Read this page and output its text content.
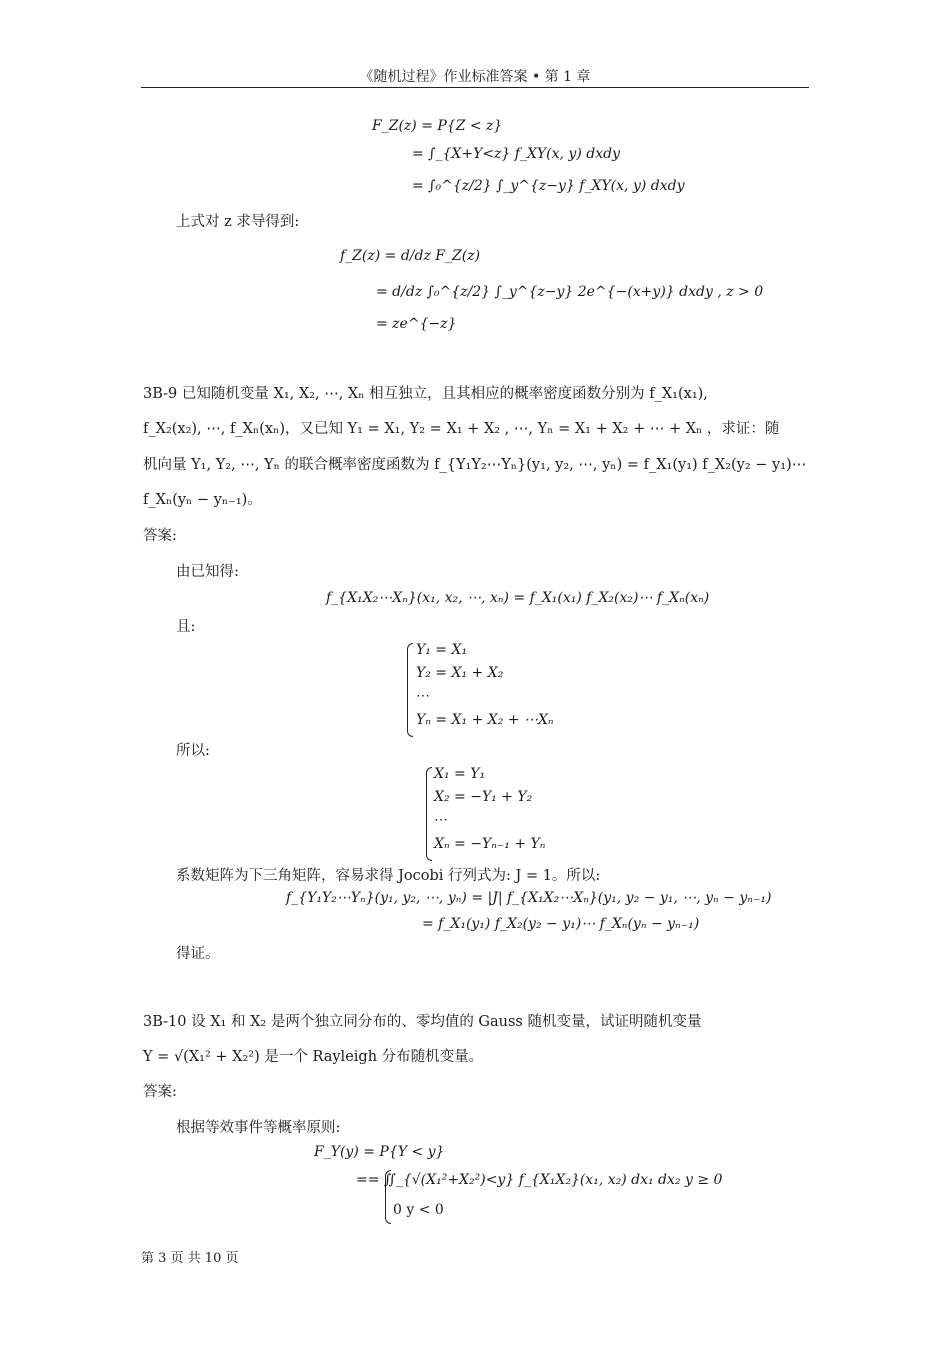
《随机过程》作业标准答案 • 第 1 章
F_Z(z) = P{Z < z}
= ∫_{X+Y<z} f_XY(x, y) dxdy
= ∫₀^{z/2} ∫_y^{z−y} f_XY(x, y) dxdy
上式对 z 求导得到:
f_Z(z) = d/dz F_Z(z)
= d/dz ∫₀^{z/2} ∫_y^{z−y} 2e^{−(x+y)} dxdy , z > 0
= ze^{−z}
3B-9 已知随机变量 X₁, X₂, ⋯, Xₙ 相互独立，且其相应的概率密度函数分别为 f_X₁(x₁),
f_X₂(x₂), ⋯, f_Xₙ(xₙ)，又已知 Y₁ = X₁, Y₂ = X₁ + X₂ , ⋯, Yₙ = X₁ + X₂ + ⋯ + Xₙ ，求证：随
机向量 Y₁, Y₂, ⋯, Yₙ 的联合概率密度函数为 f_{Y₁Y₂⋯Yₙ}(y₁, y₂, ⋯, yₙ) = f_X₁(y₁) f_X₂(y₂ − y₁)⋯
f_Xₙ(yₙ − yₙ₋₁)。
答案:
由已知得:
f_{X₁X₂⋯Xₙ}(x₁, x₂, ⋯, xₙ) = f_X₁(x₁) f_X₂(x₂)⋯ f_Xₙ(xₙ)
且:
Y₁ = X₁
Y₂ = X₁ + X₂
⋯
Yₙ = X₁ + X₂ + ⋯Xₙ
所以:
X₁ = Y₁
X₂ = −Y₁ + Y₂
⋯
Xₙ = −Yₙ₋₁ + Yₙ
系数矩阵为下三角矩阵，容易求得 Jocobi 行列式为: J = 1。所以:
f_{Y₁Y₂⋯Yₙ}(y₁, y₂, ⋯, yₙ) = |J| f_{X₁X₂⋯Xₙ}(y₁, y₂ − y₁, ⋯, yₙ − yₙ₋₁)
= f_X₁(y₁) f_X₂(y₂ − y₁)⋯ f_Xₙ(yₙ − yₙ₋₁)
得证。
3B-10 设 X₁ 和 X₂ 是两个独立同分布的、零均值的 Gauss 随机变量，试证明随机变量
Y = √(X₁² + X₂²) 是一个 Rayleigh 分布随机变量。
答案:
根据等效事件等概率原则:
F_Y(y) = P{Y < y}
== ∬_{√(X₁²+X₂²)<y} f_{X₁X₂}(x₁, x₂) dx₁ dx₂ y ≥ 0
0 y < 0
第 3 页 共 10 页
